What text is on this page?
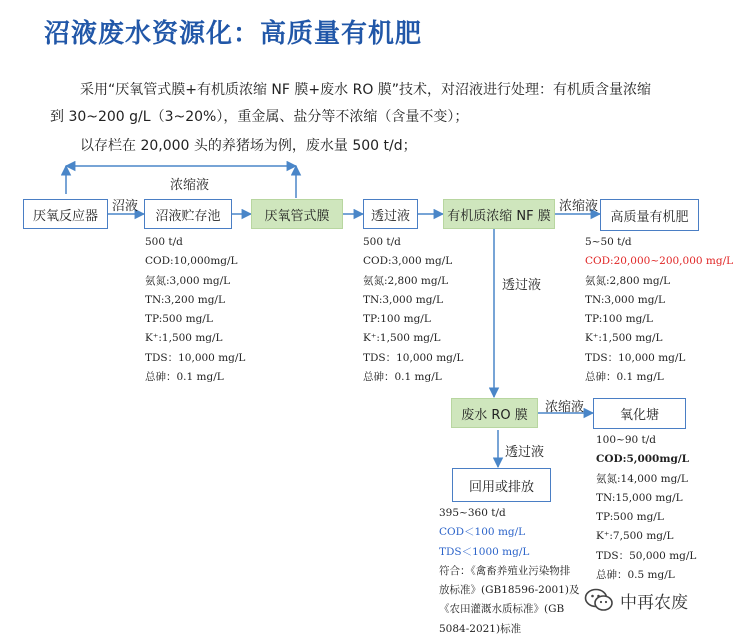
沼液废水资源化：高质量有机肥
采用“厌氧管式膜+有机质浓缩 NF 膜+废水 RO 膜”技术，对沼液进行处理：有机质含量浓缩
到 30~200 g/L（3~20%），重金属、盐分等不浓缩（含量不变）；
以存栏在 20,000 头的养猪场为例，废水量 500 t/d；
厌氧反应器	沼液贮存池	厌氧管式膜	透过液	有机质浓缩 NF 膜	高质量有机肥
废水 RO 膜	氧化塘
回用或排放
浓缩液
沼液	浓缩液
透过液
浓缩液
透过液
500 t/d
COD:10,000mg/L
氨氮:3,000 mg/L
TN:3,200 mg/L
TP:500 mg/L
K⁺:1,500 mg/L
TDS：10,000 mg/L
总砷：0.1 mg/L
500 t/d
COD:3,000 mg/L
氨氮:2,800 mg/L
TN:3,000 mg/L
TP:100 mg/L
K⁺:1,500 mg/L
TDS：10,000 mg/L
总砷：0.1 mg/L
5~50 t/d
COD:20,000~200,000 mg/L
氨氮:2,800 mg/L
TN:3,000 mg/L
TP:100 mg/L
K⁺:1,500 mg/L
TDS：10,000 mg/L
总砷：0.1 mg/L
100~90 t/d
COD:5,000mg/L
氨氮:14,000 mg/L
TN:15,000 mg/L
TP:500 mg/L
K⁺:7,500 mg/L
TDS：50,000 mg/L
总砷：0.5 mg/L
395~360 t/d
COD＜100 mg/L
TDS＜1000 mg/L
符合：《禽畜养殖业污染物排
放标准》(GB18596-2001)及
《农田灌溉水质标准》(GB
5084-2021)标准
中再农废
